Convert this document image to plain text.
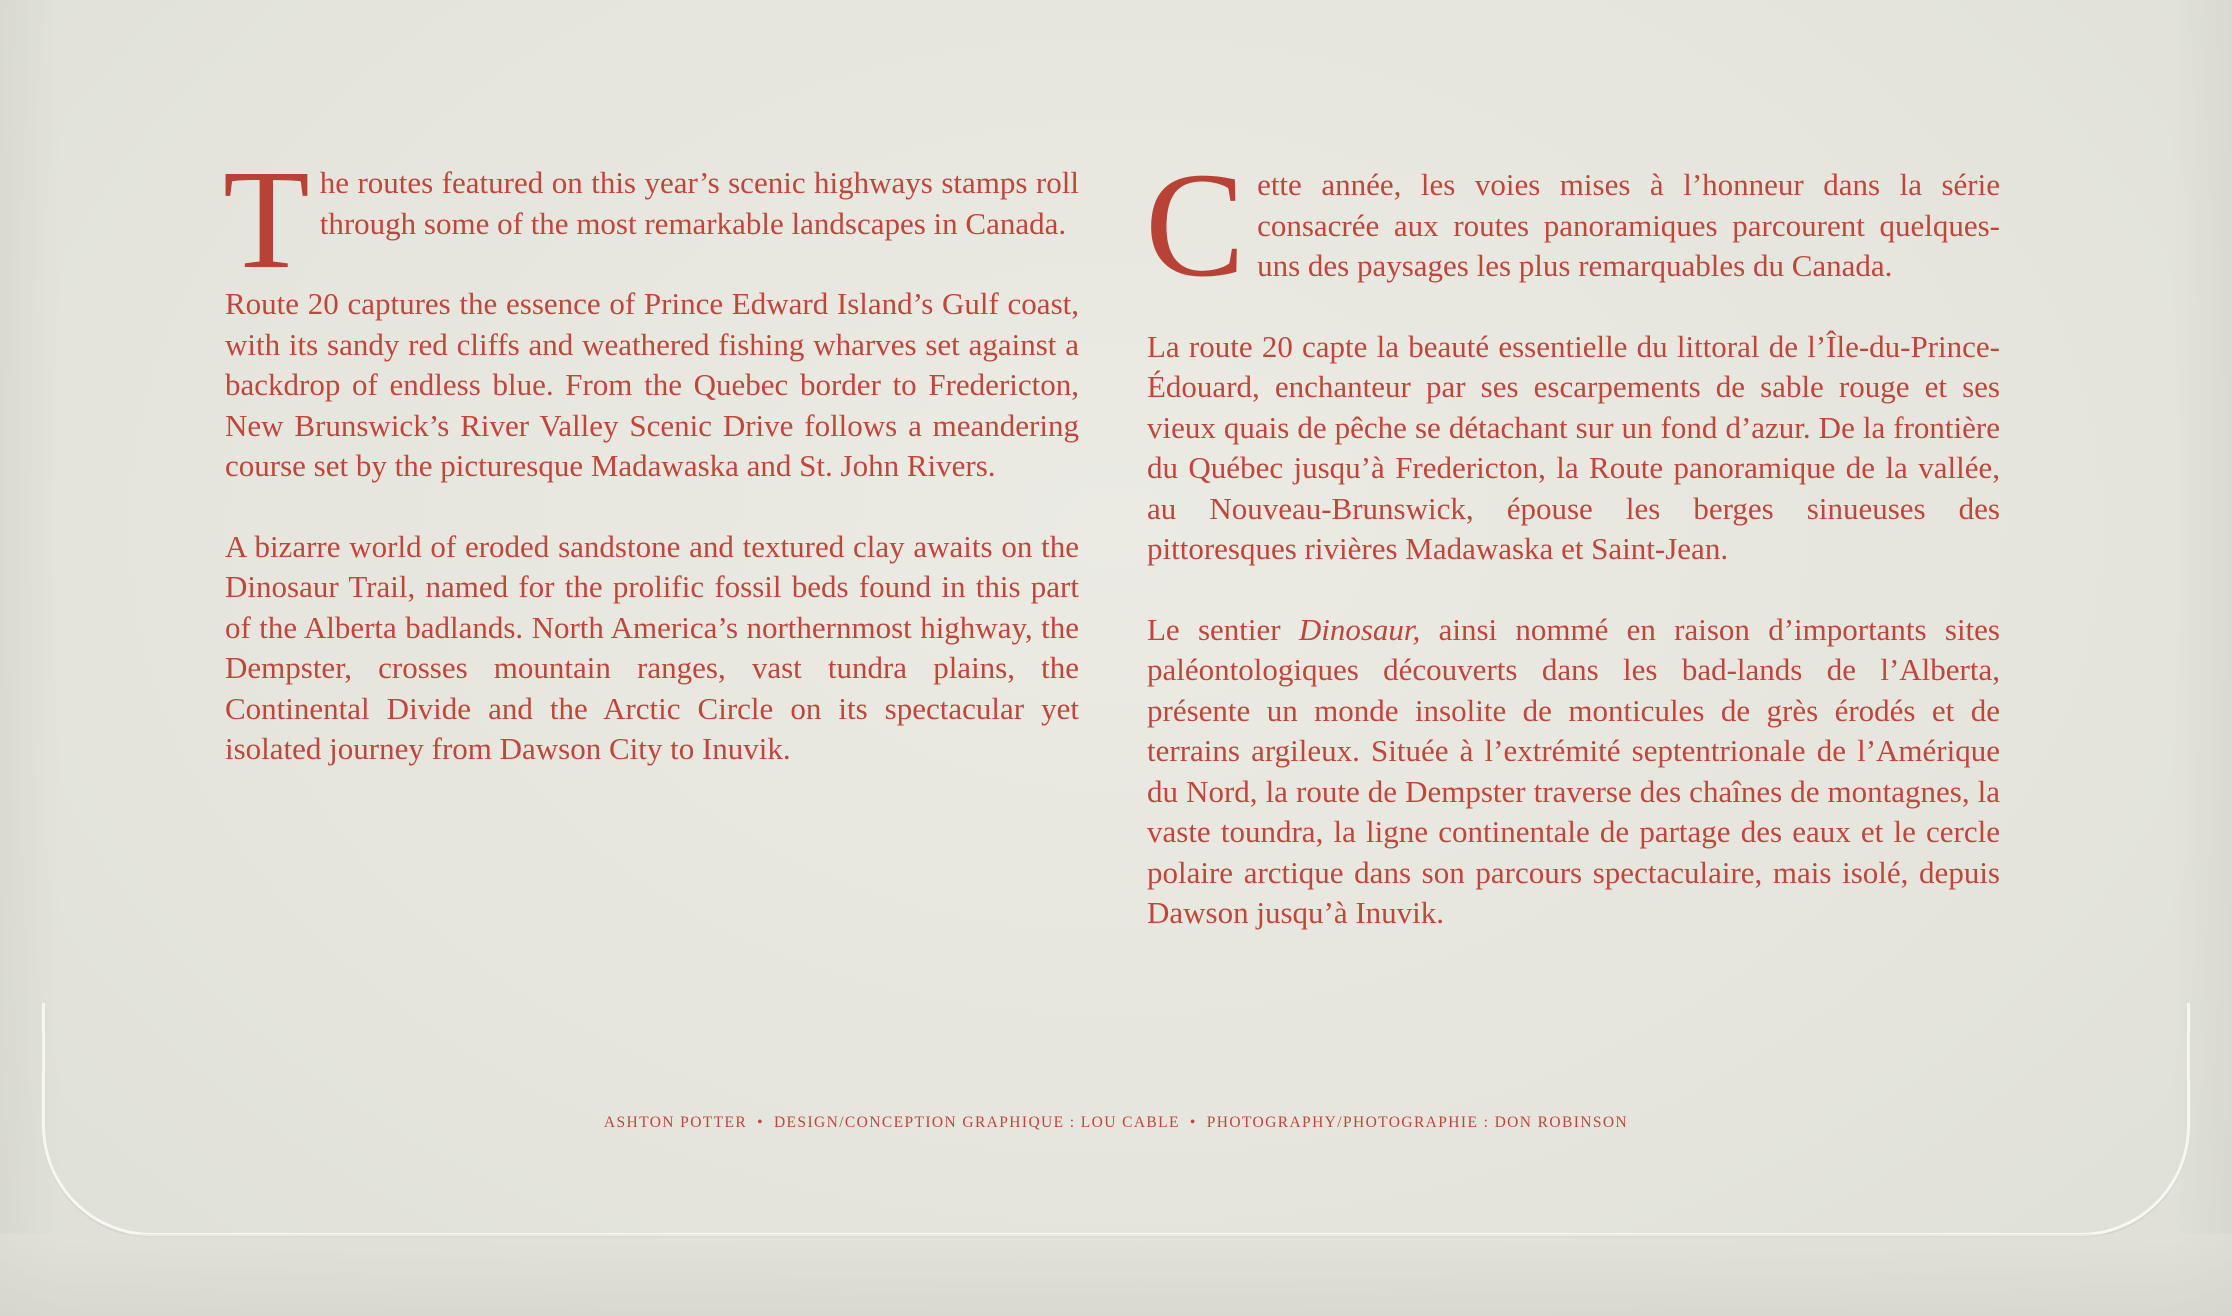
The routes featured on this year’s scenic highways stamps roll through some of the most remarkable landscapes in Canada.

Route 20 captures the essence of Prince Edward Island’s Gulf coast, with its sandy red cliffs and weathered fishing wharves set against a backdrop of endless blue. From the Quebec border to Fredericton, New Brunswick’s River Valley Scenic Drive follows a meandering course set by the picturesque Madawaska and St. John Rivers.

A bizarre world of eroded sandstone and textured clay awaits on the Dinosaur Trail, named for the prolific fossil beds found in this part of the Alberta badlands. North America’s northernmost highway, the Dempster, crosses mountain ranges, vast tundra plains, the Continental Divide and the Arctic Circle on its spectacular yet isolated journey from Dawson City to Inuvik.

Cette année, les voies mises à l’honneur dans la série consacrée aux routes panoramiques parcourent quelques-uns des paysages les plus remarquables du Canada.

La route 20 capte la beauté essentielle du littoral de l’Île-du-Prince-Édouard, enchanteur par ses escarpements de sable rouge et ses vieux quais de pêche se détachant sur un fond d’azur. De la frontière du Québec jusqu’à Fredericton, la Route panoramique de la vallée, au Nouveau-Brunswick, épouse les berges sinueuses des pittoresques rivières Madawaska et Saint-Jean.

Le sentier Dinosaur, ainsi nommé en raison d’importants sites paléontologiques découverts dans les bad-lands de l’Alberta, présente un monde insolite de monticules de grès érodés et de terrains argileux. Située à l’extrémité septentrionale de l’Amérique du Nord, la route de Dempster traverse des chaînes de montagnes, la vaste toundra, la ligne continentale de partage des eaux et le cercle polaire arctique dans son parcours spectaculaire, mais isolé, depuis Dawson jusqu’à Inuvik.

ASHTON POTTER • DESIGN/CONCEPTION GRAPHIQUE : LOU CABLE • PHOTOGRAPHY/PHOTOGRAPHIE : DON ROBINSON
